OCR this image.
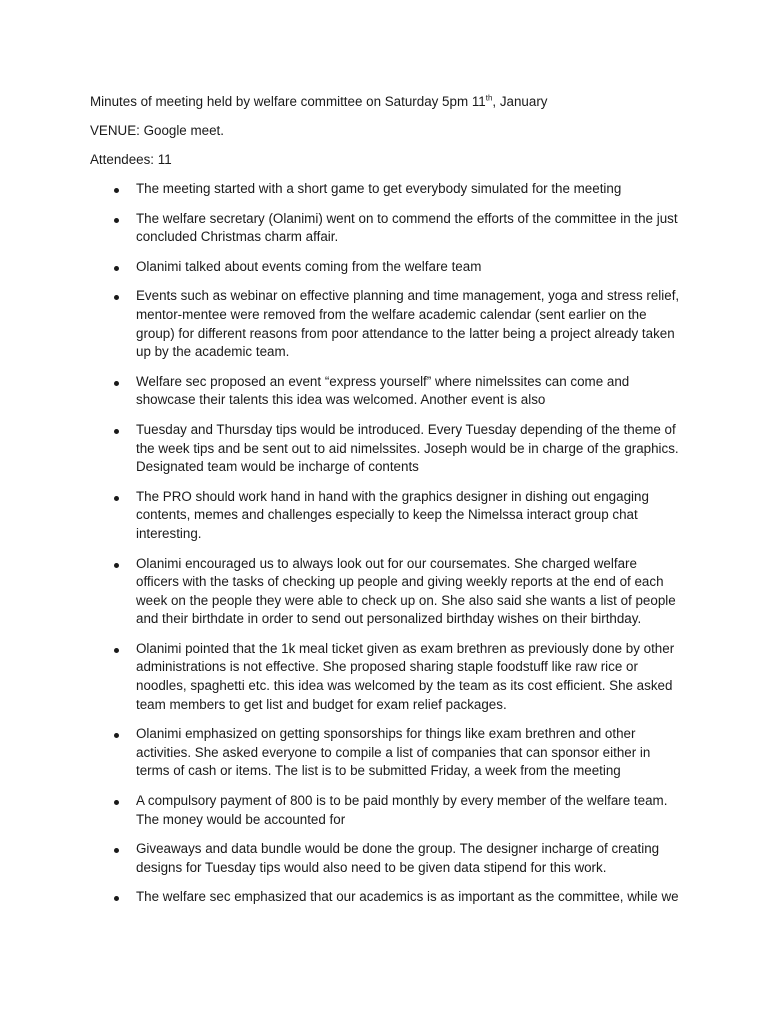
Minutes of meeting held by welfare committee on Saturday 5pm 11th, January
VENUE: Google meet.
Attendees: 11
The meeting started with a short game to get everybody simulated for the meeting
The welfare secretary (Olanimi) went on to commend the efforts of the committee in the just concluded Christmas charm affair.
Olanimi talked about events coming from the welfare team
Events such as webinar on effective planning and time management, yoga and stress relief, mentor-mentee were removed from the welfare academic calendar (sent earlier on the group) for different reasons from poor attendance to the latter being a project already taken up by the academic team.
Welfare sec proposed an event “express yourself” where nimelssites can come and showcase their talents this idea was welcomed. Another event is also
Tuesday and Thursday tips would be introduced. Every Tuesday depending of the theme of the week tips and be sent out to aid nimelssites. Joseph would be in charge of the graphics. Designated team would be incharge of contents
The PRO should work hand in hand with the graphics designer in dishing out engaging contents, memes and challenges especially to keep the Nimelssa interact group chat interesting.
Olanimi encouraged us to always look out for our coursemates. She charged welfare officers with the tasks of checking up people and giving weekly reports at the end of each week on the people they were able to check up on. She also said she wants a list of people and their birthdate in order to send out personalized birthday wishes on their birthday.
Olanimi pointed that the 1k meal ticket given as exam brethren as previously done by other administrations is not effective. She proposed sharing staple foodstuff like raw rice or noodles, spaghetti etc. this idea was welcomed by the team as its cost efficient. She asked team members to get list and budget for exam relief packages.
Olanimi emphasized on getting sponsorships for things like exam brethren and other activities. She asked everyone to compile a list of companies that can sponsor either in terms of cash or items. The list is to be submitted Friday, a week from the meeting
A compulsory payment of 800 is to be paid monthly by every member of the welfare team. The money would be accounted for
Giveaways and data bundle would be done the group. The designer incharge of creating designs for Tuesday tips would also need to be given data stipend for this work.
The welfare sec emphasized that our academics is as important as the committee, while we
